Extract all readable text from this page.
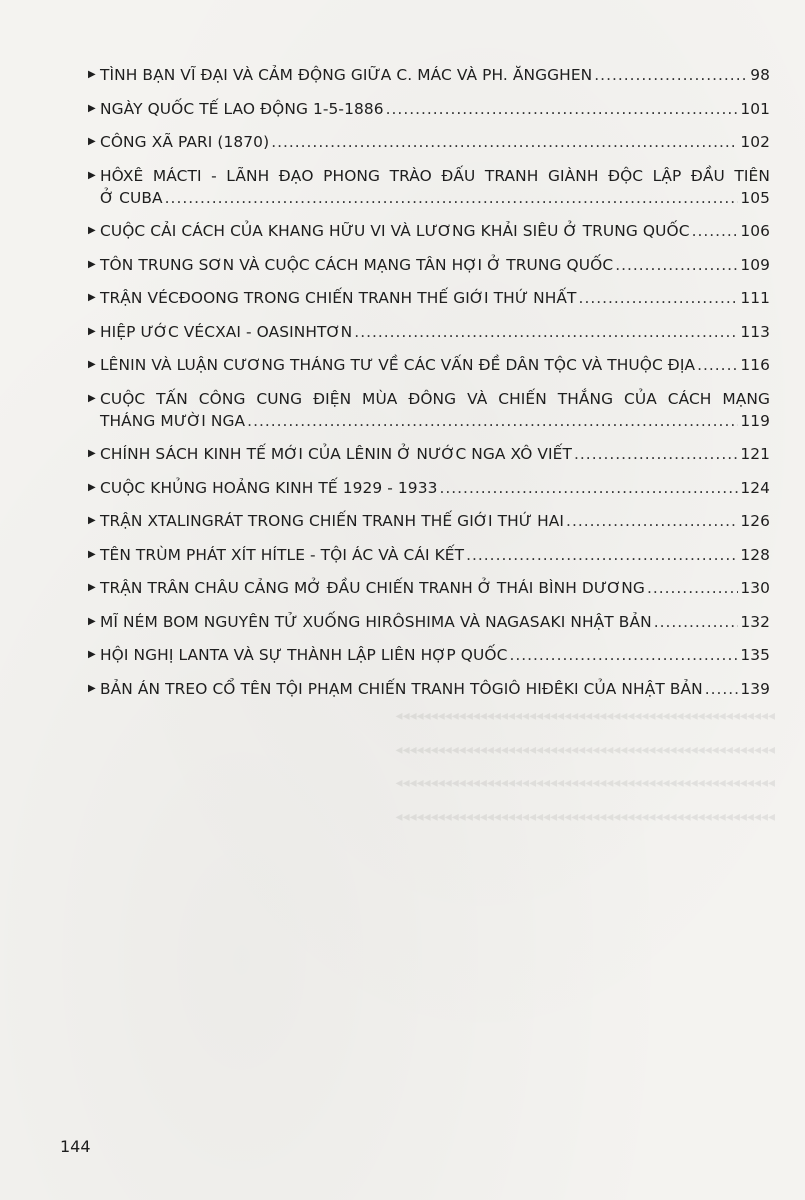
▸▸▸▸▸▸▸▸▸▸▸▸▸▸▸▸▸▸▸▸▸▸▸▸▸▸▸▸▸▸▸▸▸▸▸▸▸▸▸▸▸▸▸▸▸▸▸▸▸▸▸▸▸▸
▸▸▸▸▸▸▸▸▸▸▸▸▸▸▸▸▸▸▸▸▸▸▸▸▸▸▸▸▸▸▸▸▸▸▸▸▸▸▸▸▸▸▸▸▸▸▸▸▸▸▸▸▸▸
▸▸▸▸▸▸▸▸▸▸▸▸▸▸▸▸▸▸▸▸▸▸▸▸▸▸▸▸▸▸▸▸▸▸▸▸▸▸▸▸▸▸▸▸▸▸▸▸▸▸▸▸▸▸
▸▸▸▸▸▸▸▸▸▸▸▸▸▸▸▸▸▸▸▸▸▸▸▸▸▸▸▸▸▸▸▸▸▸▸▸▸▸▸▸▸▸▸▸▸▸▸▸▸▸▸▸▸▸
▶ TÌNH BẠN VĨ ĐẠI VÀ CẢM ĐỘNG GIỮA C. MÁC VÀ PH. ĂNGGHEN .....	98
▶ NGÀY QUỐC TẾ LAO ĐỘNG 1-5-1886 .....	101
▶ CÔNG XÃ PARI (1870) .....	102
▶ HÔXÊ MÁCTI - LÃNH ĐẠO PHONG TRÀO ĐẤU TRANH GIÀNH ĐỘC LẬP ĐẦU TIÊN
Ở CUBA .....	105
▶ CUỘC CẢI CÁCH CỦA KHANG HỮU VI VÀ LƯƠNG KHẢI SIÊU Ở TRUNG QUỐC .....	106
▶ TÔN TRUNG SƠN VÀ CUỘC CÁCH MẠNG TÂN HỢI Ở TRUNG QUỐC .....	109
▶ TRẬN VÉCĐOONG TRONG CHIẾN TRANH THẾ GIỚI THỨ NHẤT .....	111
▶ HIỆP ƯỚC VÉCXAI - OASINHTƠN .....	113
▶ LÊNIN VÀ LUẬN CƯƠNG THÁNG TƯ VỀ CÁC VẤN ĐỀ DÂN TỘC VÀ THUỘC ĐỊA .....	116
▶ CUỘC TẤN CÔNG CUNG ĐIỆN MÙA ĐÔNG VÀ CHIẾN THẮNG CỦA CÁCH MẠNG
THÁNG MƯỜI NGA .....	119
▶ CHÍNH SÁCH KINH TẾ MỚI CỦA LÊNIN Ở NƯỚC NGA XÔ VIẾT .....	121
▶ CUỘC KHỦNG HOẢNG KINH TẾ 1929 - 1933 .....	124
▶ TRẬN XTALINGRÁT TRONG CHIẾN TRANH THẾ GIỚI THỨ HAI .....	126
▶ TÊN TRÙM PHÁT XÍT HÍTLE - TỘI ÁC VÀ CÁI KẾT .....	128
▶ TRẬN TRÂN CHÂU CẢNG MỞ ĐẦU CHIẾN TRANH Ở THÁI BÌNH DƯƠNG .....	130
▶ MĨ NÉM BOM NGUYÊN TỬ XUỐNG HIRÔSHIMA VÀ NAGASAKI NHẬT BẢN .....	132
▶ HỘI NGHỊ LANTA VÀ SỰ THÀNH LẬP LIÊN HỢP QUỐC .....	135
▶ BẢN ÁN TREO CỔ TÊN TỘI PHẠM CHIẾN TRANH TÔGIÔ HIĐÊKI CỦA NHẬT BẢN ..... 139
144
